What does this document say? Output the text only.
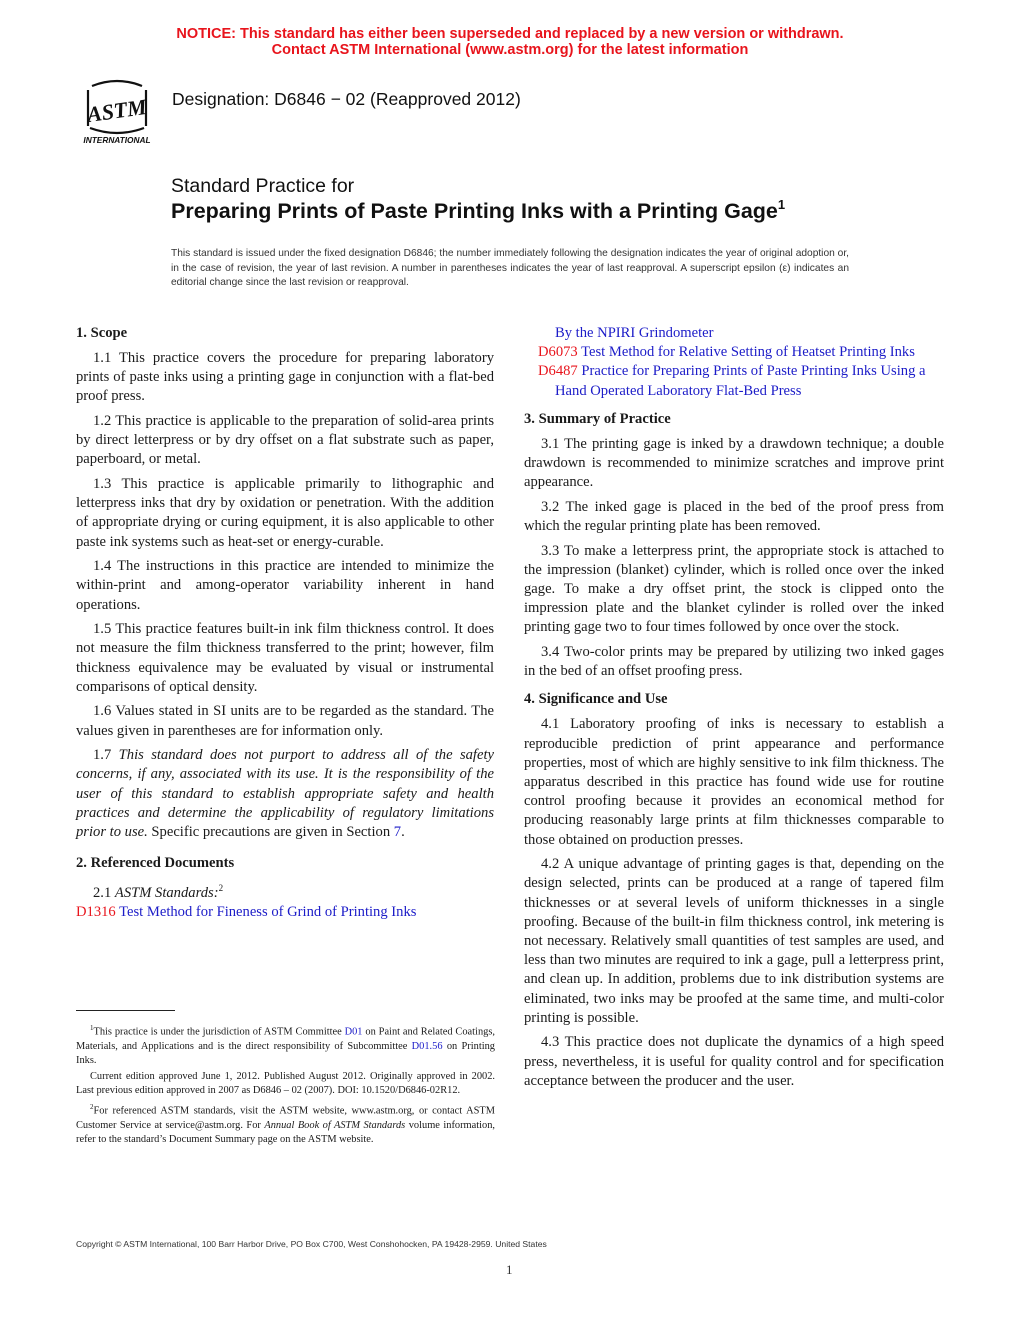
NOTICE: This standard has either been superseded and replaced by a new version or withdrawn.
Contact ASTM International (www.astm.org) for the latest information
ASTM
INTERNATIONAL
Designation: D6846 − 02 (Reapproved 2012)
Standard Practice for
Preparing Prints of Paste Printing Inks with a Printing Gage$^1$
This standard is issued under the fixed designation D6846; the number immediately following the designation indicates the year of original adoption or, in the case of revision, the year of last revision. A number in parentheses indicates the year of last reapproval. A superscript epsilon (ε) indicates an editorial change since the last revision or reapproval.
1. Scope

1.1 This practice covers the procedure for preparing laboratory prints of paste inks using a printing gage in conjunction with a flat-bed proof press.

1.2 This practice is applicable to the preparation of solid-area prints by direct letterpress or by dry offset on a flat substrate such as paper, paperboard, or metal.

1.3 This practice is applicable primarily to lithographic and letterpress inks that dry by oxidation or penetration. With the addition of appropriate drying or curing equipment, it is also applicable to other paste ink systems such as heat-set or energy-curable.

1.4 The instructions in this practice are intended to minimize the within-print and among-operator variability inherent in hand operations.

1.5 This practice features built-in ink film thickness control. It does not measure the film thickness transferred to the print; however, film thickness equivalence may be evaluated by visual or instrumental comparisons of optical density.

1.6 Values stated in SI units are to be regarded as the standard. The values given in parentheses are for information only.

1.7 This standard does not purport to address all of the safety concerns, if any, associated with its use. It is the responsibility of the user of this standard to establish appropriate safety and health practices and determine the applicability of regulatory limitations prior to use. Specific precautions are given in Section 7.

2. Referenced Documents

2.1 ASTM Standards:$^2$

D1316 Test Method for Fineness of Grind of Printing Inks

By the NPIRI Grindometer

D6073 Test Method for Relative Setting of Heatset Printing Inks

D6487 Practice for Preparing Prints of Paste Printing Inks Using a Hand Operated Laboratory Flat-Bed Press

3. Summary of Practice

3.1 The printing gage is inked by a drawdown technique; a double drawdown is recommended to minimize scratches and improve print appearance.

3.2 The inked gage is placed in the bed of the proof press from which the regular printing plate has been removed.

3.3 To make a letterpress print, the appropriate stock is attached to the impression (blanket) cylinder, which is rolled once over the inked gage. To make a dry offset print, the stock is clipped onto the impression plate and the blanket cylinder is rolled over the inked printing gage two to four times followed by once over the stock.

3.4 Two-color prints may be prepared by utilizing two inked gages in the bed of an offset proofing press.

4. Significance and Use

4.1 Laboratory proofing of inks is necessary to establish a reproducible prediction of print appearance and performance properties, most of which are highly sensitive to ink film thickness. The apparatus described in this practice has found wide use for routine control proofing because it provides an economical method for producing reasonably large prints at film thicknesses comparable to those obtained on production presses.

4.2 A unique advantage of printing gages is that, depending on the design selected, prints can be produced at a range of tapered film thicknesses or at several levels of uniform thicknesses in a single proofing. Because of the built-in film thickness control, ink metering is not necessary. Relatively small quantities of test samples are used, and less than two minutes are required to ink a gage, pull a letterpress print, and clean up. In addition, problems due to ink distribution systems are eliminated, two inks may be proofed at the same time, and multi-color printing is possible.

4.3 This practice does not duplicate the dynamics of a high speed press, nevertheless, it is useful for quality control and for specification acceptance between the producer and the user.

$^1$This practice is under the jurisdiction of ASTM Committee D01 on Paint and Related Coatings, Materials, and Applications and is the direct responsibility of Subcommittee D01.56 on Printing Inks.

Current edition approved June 1, 2012. Published August 2012. Originally approved in 2002. Last previous edition approved in 2007 as D6846 – 02 (2007). DOI: 10.1520/D6846-02R12.

$^2$For referenced ASTM standards, visit the ASTM website, www.astm.org, or contact ASTM Customer Service at service@astm.org. For Annual Book of ASTM Standards volume information, refer to the standard’s Document Summary page on the ASTM website.

Copyright © ASTM International, 100 Barr Harbor Drive, PO Box C700, West Conshohocken, PA 19428-2959. United States
1
